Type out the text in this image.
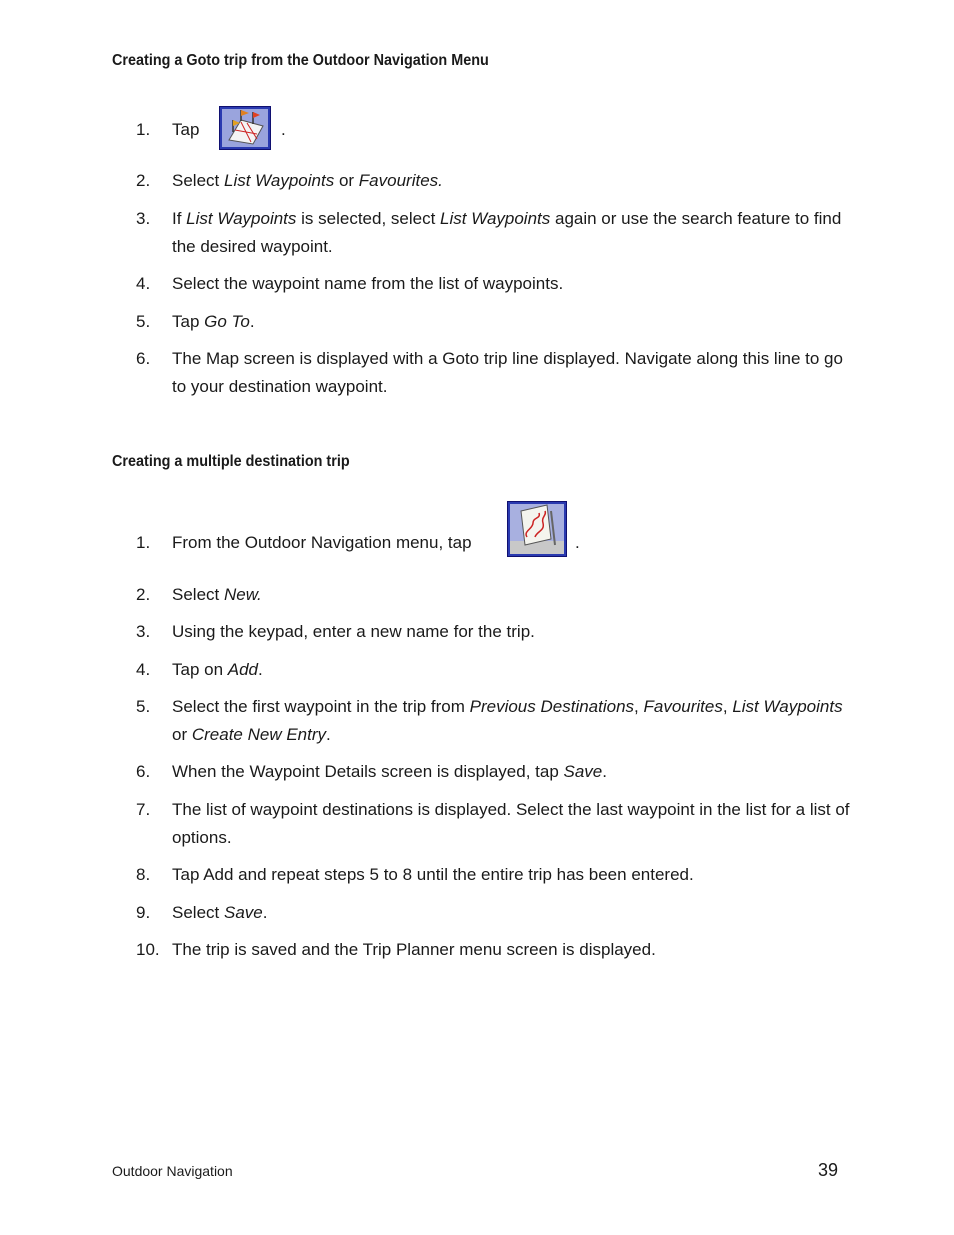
Creating a Goto trip from the Outdoor Navigation Menu
1. Tap	.
2. Select List Waypoints or Favourites.
3. If List Waypoints is selected, select List Waypoints again or use the search feature to find the desired waypoint.
4. Select the waypoint name from the list of waypoints.
5. Tap Go To.
6. The Map screen is displayed with a Goto trip line displayed. Navigate along this line to go to your destination waypoint.
Creating a multiple destination trip
1. From the Outdoor Navigation menu, tap	.
2. Select New.
3. Using the keypad, enter a new name for the trip.
4. Tap on Add.
5. Select the first waypoint in the trip from Previous Destinations, Favourites, List Waypoints or Create New Entry.
6. When the Waypoint Details screen is displayed, tap Save.
7. The list of waypoint destinations is displayed. Select the last waypoint in the list for a list of options.
8. Tap Add and repeat steps 5 to 8 until the entire trip has been entered.
9. Select Save.
10. The trip is saved and the Trip Planner menu screen is displayed.
Outdoor Navigation	39
